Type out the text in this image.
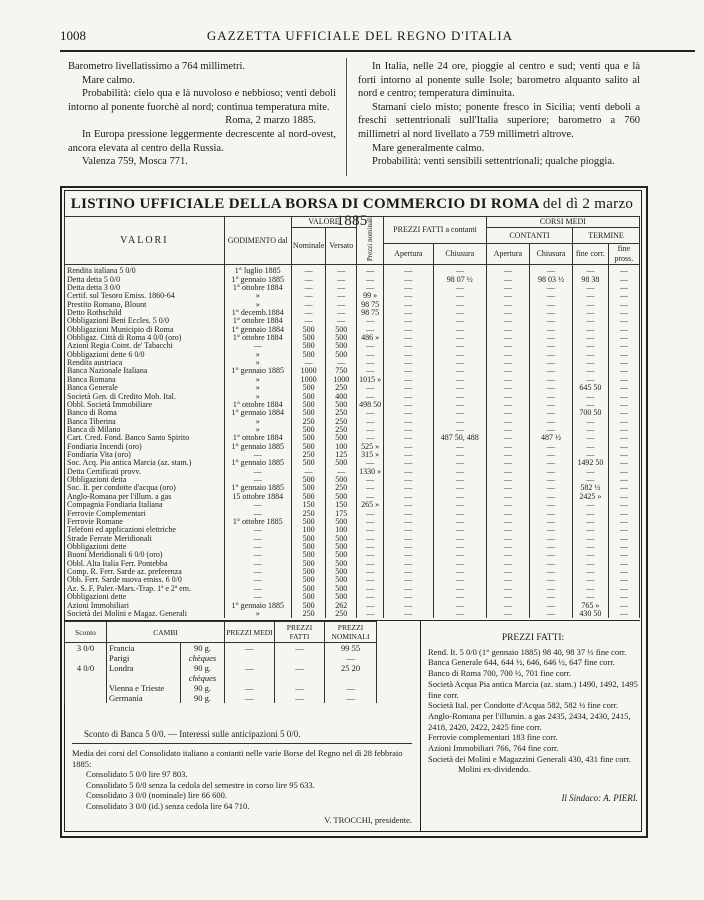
1008	GAZZETTA UFFICIALE DEL REGNO D'ITALIA

Barometro livellatissimo a 764 millimetri.

Mare calmo.

Probabilità: cielo qua e là nuvoloso e nebbioso; venti deboli intorno al ponente fuorchè al nord; continua temperatura mite.

Roma, 2 marzo 1885.

In Europa pressione leggermente decrescente al nord-ovest, ancora elevata al centro della Russia.

Valenza 759, Mosca 771.

In Italia, nelle 24 ore, pioggie al centro e sud; venti qua e là forti intorno al ponente sulle Isole; barometro alquanto salito al nord e centro; temperatura diminuita.

Stamani cielo misto; ponente fresco in Sicilia; venti deboli a freschi settentrionali sull'Italia superiore; barometro a 760 millimetri al nord livellato a 759 millimetri altrove.

Mare generalmente calmo.

Probabilità: venti sensibili settentrionali; qualche pioggia.

LISTINO UFFICIALE DELLA BORSA DI COMMERCIO DI ROMA del dì 2 marzo 1885
VALORI	GODIMENTO dal	VALORE		Prezzi nominali	PREZZI FATTI a contanti		CORSI MEDI			
		Nominale	Versato				CONTANTI		TERMINE	
					Apertura	Chiusura	Apertura	Chiusura	fine corr.	fine pross.
Rendita italiana 5 0/0	1° luglio 1885	—	—	—	—	—	—	—	—	—
Detta detta 5 0/0	1° gennaio 1885	—	—	—	—	98 07 ½	—	98 03 ½	98 38	—
Detta detta 3 0/0	1° ottobre 1884	—	—	—	—	—	—	—	—	—
Certif. sul Tesoro Emiss. 1860-64	»	—	—	99 »	—	—	—	—	—	—
Prestito Romano, Blount	»	—	—	98 75	—	—	—	—	—	—
Detto Rothschild	1° decemb.1884	—	—	98 75	—	—	—	—	—	—
Obbligazioni Beni Eccles. 5 0/0	1° ottobre 1884	—	—	—	—	—	—	—	—	—
Obbligazioni Municipio di Roma	1° gennaio 1884	500	500	—	—	—	—	—	—	—
Obbligaz. Città di Roma 4 0/0 (oro)	1° ottobre 1884	500	500	486 »	—	—	—	—	—	—
Azioni Regia Coint. de' Tabacchi	—	500	500	—	—	—	—	—	—	—
Obbligazioni dette 6 0/0	»	500	500	—	—	—	—	—	—	—
Rendita austriaca	»	—	—	—	—	—	—	—	—	—
Banca Nazionale Italiana	1° gennaio 1885	1000	750	—	—	—	—	—	—	—
Banca Romana	»	1000	1000	1015 »	—	—	—	—	—	—
Banca Generale	»	500	250	—	—	—	—	—	645 50	—
Società Gen. di Credito Mob. Ital.	»	500	400	—	—	—	—	—	—	—
Obbl. Società Immobiliare	1° ottobre 1884	500	500	498 50	—	—	—	—	—	—
Banco di Roma	1° gennaio 1884	500	250	—	—	—	—	—	700 50	—
Banca Tiberina	»	250	250	—	—	—	—	—	—	—
Banca di Milano	»	500	250	—	—	—	—	—	—	—
Cart. Cred. Fond. Banco Santo Spirito	1° ottobre 1884	500	500	—	—	487 50, 488	—	487 ½	—	—
Fondiaria Incendi (oro)	1° gennaio 1885	500	100	525 »	—	—	—	—	—	—
Fondiaria Vita (oro)	—	250	125	315 »	—	—	—	—	—	—
Soc. Acq. Pia antica Marcia (az. stam.)	1° gennaio 1885	500	500	—	—	—	—	—	1492 50	—
Detta Certificati provv.	—	—	—	1330 »	—	—	—	—	—	—
Obbligazioni detta	—	500	500	—	—	—	—	—	—	—
Soc. It. per condotte d'acqua (oro)	1° gennaio 1885	500	250	—	—	—	—	—	582 ½	—
Anglo-Romana per l'illum. a gas	15 ottobre 1884	500	500	—	—	—	—	—	2425 »	—
Compagnia Fondiaria Italiana	—	150	150	265 »	—	—	—	—	—	—
Ferrovie Complementari	—	250	175	—	—	—	—	—	—	—
Ferrovie Romane	1° ottobre 1885	500	500	—	—	—	—	—	—	—
Telefoni ed applicazioni elettriche	—	100	100	—	—	—	—	—	—	—
Strade Ferrate Meridionali	—	500	500	—	—	—	—	—	—	—
Obbligazioni dette	—	500	500	—	—	—	—	—	—	—
Buoni Meridionali 6 0/0 (oro)	—	500	500	—	—	—	—	—	—	—
Obbl. Alta Italia Ferr. Pontebba	—	500	500	—	—	—	—	—	—	—
Comp. R. Ferr. Sarde az. preferenza	—	500	500	—	—	—	—	—	—	—
Obb. Ferr. Sarde nuova emiss. 6 0/0	—	500	500	—	—	—	—	—	—	—
Az. S. F. Paler.-Mars.-Trap. 1ª e 2ª em.	—	500	500	—	—	—	—	—	—	—
Obbligazioni dette	—	500	500	—	—	—	—	—	—	—
Azioni Immobiliari	1° gennaio 1885	500	262	—	—	—	—	—	765 »	—
Società dei Molini e Magaz. Generali	»	250	250	—	—	—	—	—	430 50	—
Sconto	CAMBI		PREZZI MEDI	PREZZI FATTI	PREZZI NOMINALI	
3 0/0	Francia	90 g.	—	—	99 55	
	Parigi	chèques			—	
4 0/0	Londra	90 g.	—	—	25 20	
		chèques				
	Vienna e Trieste	90 g.	—	—	—	
	Germania	90 g.	—	—	—	
Sconto di Banca 5 0/0. — Interessi sulle anticipazioni 5 0/0.

Media dei corsi del Consolidato italiano a contanti nelle varie Borse del Regno nel dì 28 febbraio 1885:

Consolidato 5 0/0 lire 97 803.

Consolidato 5 0/0 senza la cedola del semestre in corso lire 95 633.

Consolidato 3 0/0 (nominale) lire 66 600.

Consolidato 3 0/0 (id.) senza cedola lire 64 710.

V. TROCCHI, presidente.

PREZZI FATTI:

Rend. It. 5 0/0 (1° gennaio 1885) 98 40, 98 37 ½ fine corr.

Banca Generale 644, 644 ½, 646, 646 ½, 647 fine corr.

Banco di Roma 700, 700 ½, 701 fine corr.

Società Acqua Pia antica Marcia (az. stam.) 1490, 1492, 1495 fine corr.

Società Ital. per Condotte d'Acqua 582, 582 ½ fine corr.

Anglo-Romana per l'illumin. a gas 2435, 2434, 2430, 2415, 2418, 2420, 2422, 2425 fine corr.

Ferrovie complementari 183 fine corr.

Azioni Immobiliari 766, 764 fine corr.

Società dei Molini e Magazzini Generali 430, 431 fine corr.

Molini ex-dividendo.

Il Sindaco: A. PIERI.
